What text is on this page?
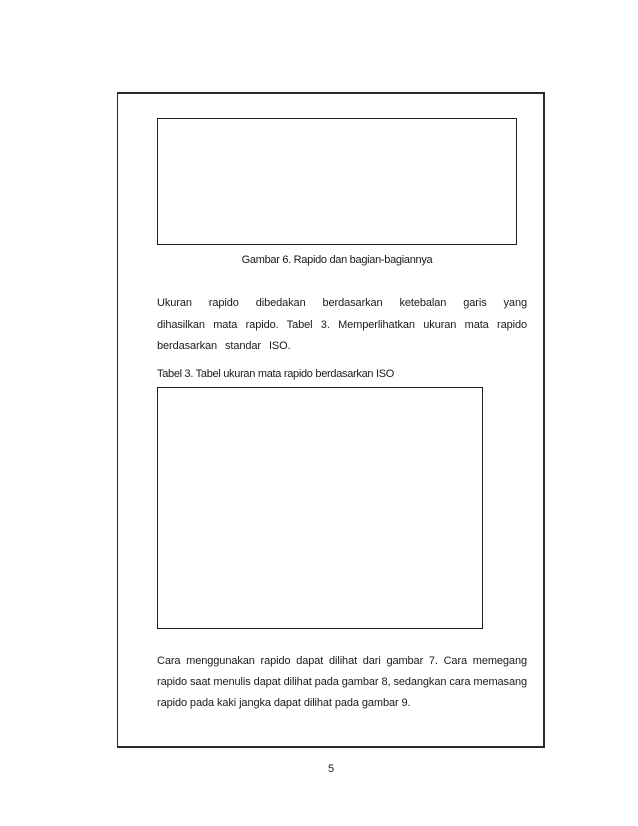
Gambar 6. Rapido dan bagian-bagiannya
Ukuran rapido dibedakan berdasarkan ketebalan garis yang dihasilkan mata rapido. Tabel 3. Memperlihatkan ukuran mata rapido berdasarkan standar ISO.
Tabel 3. Tabel ukuran mata rapido berdasarkan ISO
Cara menggunakan rapido dapat dilihat dari gambar 7. Cara memegang rapido saat menulis dapat dilihat pada gambar 8, sedangkan cara memasang rapido pada kaki jangka dapat dilihat pada gambar 9.
5
